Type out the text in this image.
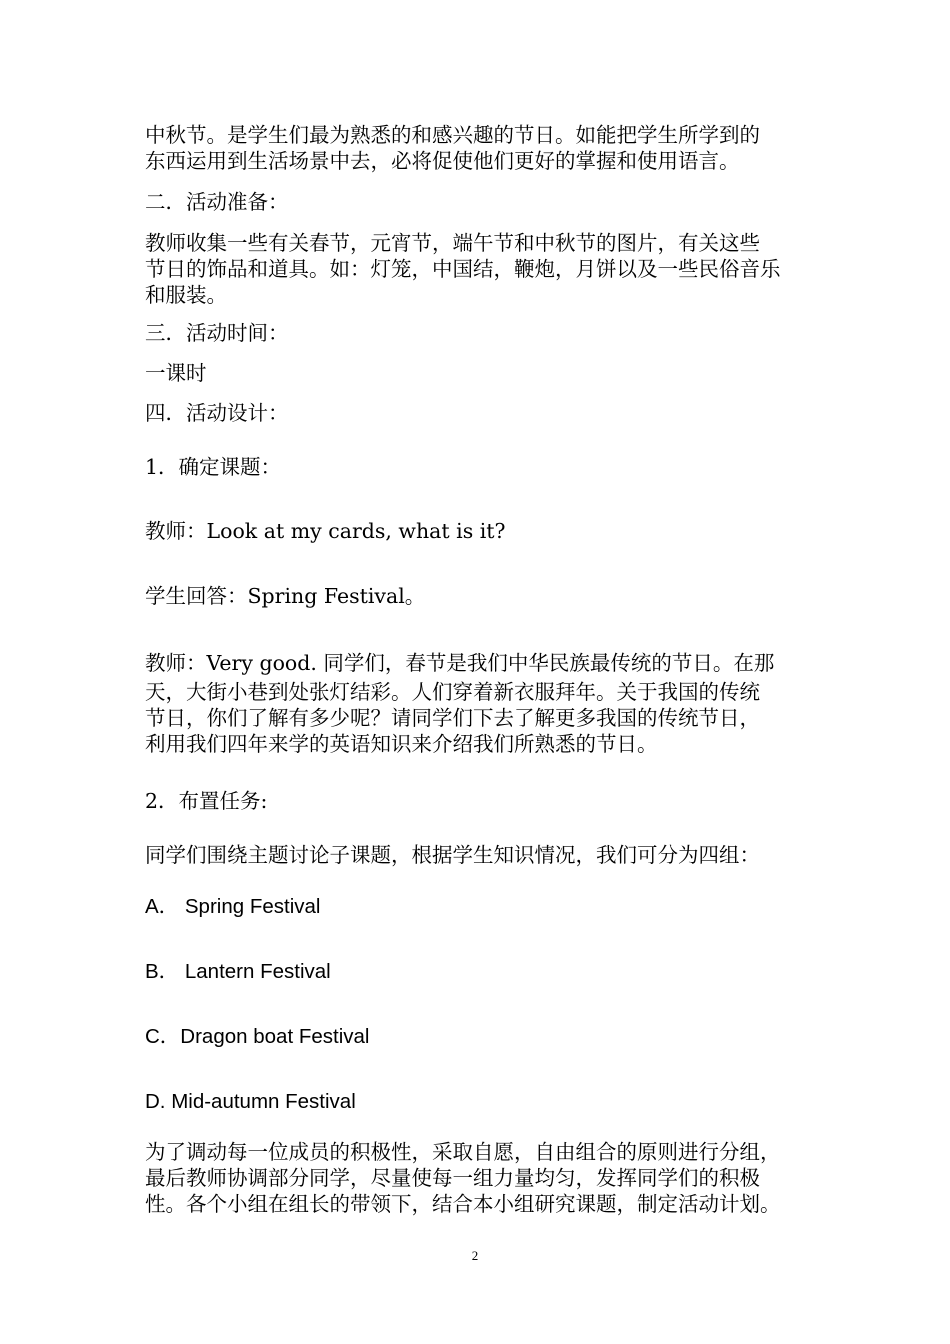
中秋节。是学生们最为熟悉的和感兴趣的节日。如能把学生所学到的
东西运用到生活场景中去，必将促使他们更好的掌握和使用语言。
二．活动准备：
教师收集一些有关春节，元宵节，端午节和中秋节的图片，有关这些
节日的饰品和道具。如：灯笼，中国结，鞭炮，月饼以及一些民俗音乐
和服装。
三．活动时间：
一课时
四．活动设计：
1．确定课题：
教师：Look at my cards, what is it?
学生回答：Spring Festival。
教师：Very good. 同学们，春节是我们中华民族最传统的节日。在那
天，大街小巷到处张灯结彩。人们穿着新衣服拜年。关于我国的传统
节日，你们了解有多少呢？请同学们下去了解更多我国的传统节日，
利用我们四年来学的英语知识来介绍我们所熟悉的节日。
2．布置任务:
同学们围绕主题讨论子课题，根据学生知识情况，我们可分为四组：
A． Spring Festival
B． Lantern Festival
C．Dragon boat Festival
D. Mid-autumn Festival
为了调动每一位成员的积极性，采取自愿，自由组合的原则进行分组，
最后教师协调部分同学，尽量使每一组力量均匀，发挥同学们的积极
性。各个小组在组长的带领下，结合本小组研究课题，制定活动计划。
2
